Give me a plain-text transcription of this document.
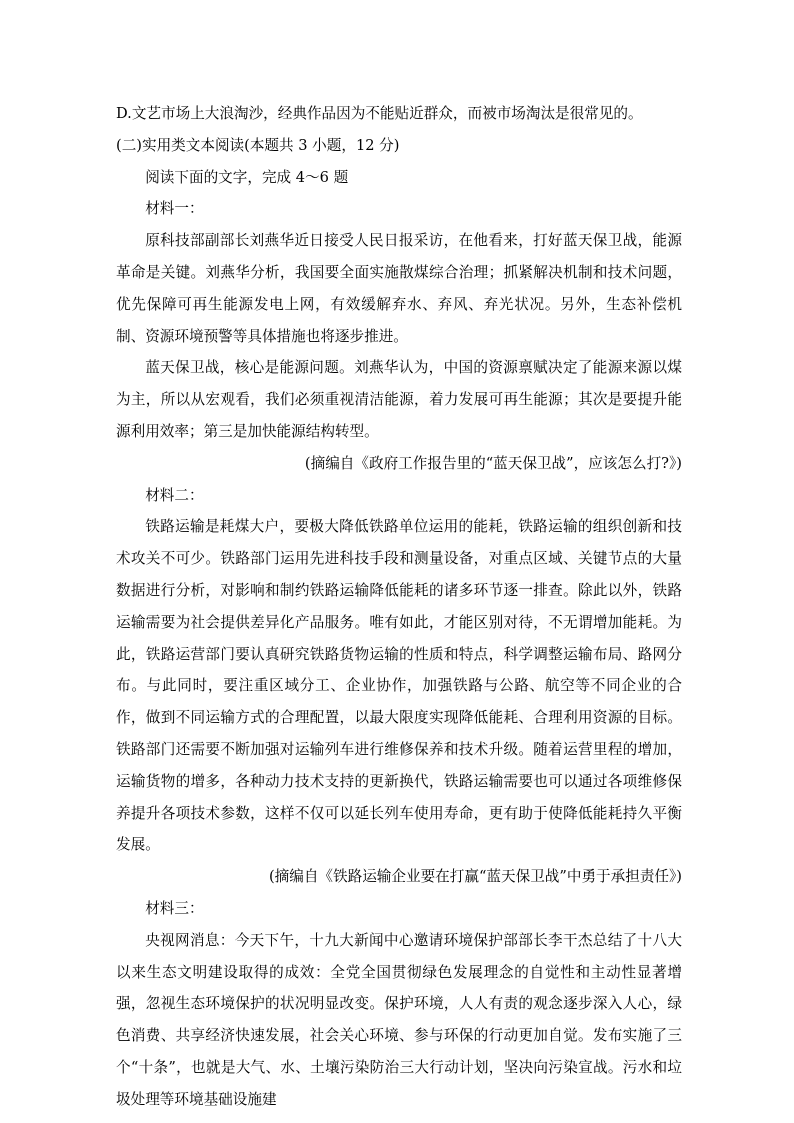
D.文艺市场上大浪淘沙，经典作品因为不能贴近群众，而被市场淘汰是很常见的。
(二)实用类文本阅读(本题共 3 小题，12 分)
阅读下面的文字，完成 4～6 题
材料一：
原科技部副部长刘燕华近日接受人民日报采访，在他看来，打好蓝天保卫战，能源革命是关键。刘燕华分析，我国要全面实施散煤综合治理；抓紧解决机制和技术问题，优先保障可再生能源发电上网，有效缓解弃水、弃风、弃光状况。另外，生态补偿机制、资源环境预警等具体措施也将逐步推进。
蓝天保卫战，核心是能源问题。刘燕华认为，中国的资源禀赋决定了能源来源以煤为主，所以从宏观看，我们必须重视清洁能源，着力发展可再生能源；其次是要提升能源利用效率；第三是加快能源结构转型。
(摘编自《政府工作报告里的“蓝天保卫战”，应该怎么打?》)
材料二：
铁路运输是耗煤大户，要极大降低铁路单位运用的能耗，铁路运输的组织创新和技术攻关不可少。铁路部门运用先进科技手段和测量设备，对重点区域、关键节点的大量数据进行分析，对影响和制约铁路运输降低能耗的诸多环节逐一排查。除此以外，铁路运输需要为社会提供差异化产品服务。唯有如此，才能区别对待，不无谓增加能耗。为此，铁路运营部门要认真研究铁路货物运输的性质和特点，科学调整运输布局、路网分布。与此同时，要注重区域分工、企业协作，加强铁路与公路、航空等不同企业的合作，做到不同运输方式的合理配置，以最大限度实现降低能耗、合理利用资源的目标。铁路部门还需要不断加强对运输列车进行维修保养和技术升级。随着运营里程的增加，运输货物的增多，各种动力技术支持的更新换代，铁路运输需要也可以通过各项维修保养提升各项技术参数，这样不仅可以延长列车使用寿命，更有助于使降低能耗持久平衡发展。
(摘编自《铁路运输企业要在打赢“蓝天保卫战”中勇于承担责任》)
材料三：
央视网消息：今天下午，十九大新闻中心邀请环境保护部部长李干杰总结了十八大以来生态文明建设取得的成效：全党全国贯彻绿色发展理念的自觉性和主动性显著增强，忽视生态环境保护的状况明显改变。保护环境，人人有责的观念逐步深入人心，绿色消费、共享经济快速发展，社会关心环境、参与环保的行动更加自觉。发布实施了三个“十条”，也就是大气、水、土壤污染防治三大行动计划，坚决向污染宣战。污水和垃圾处理等环境基础设施建
